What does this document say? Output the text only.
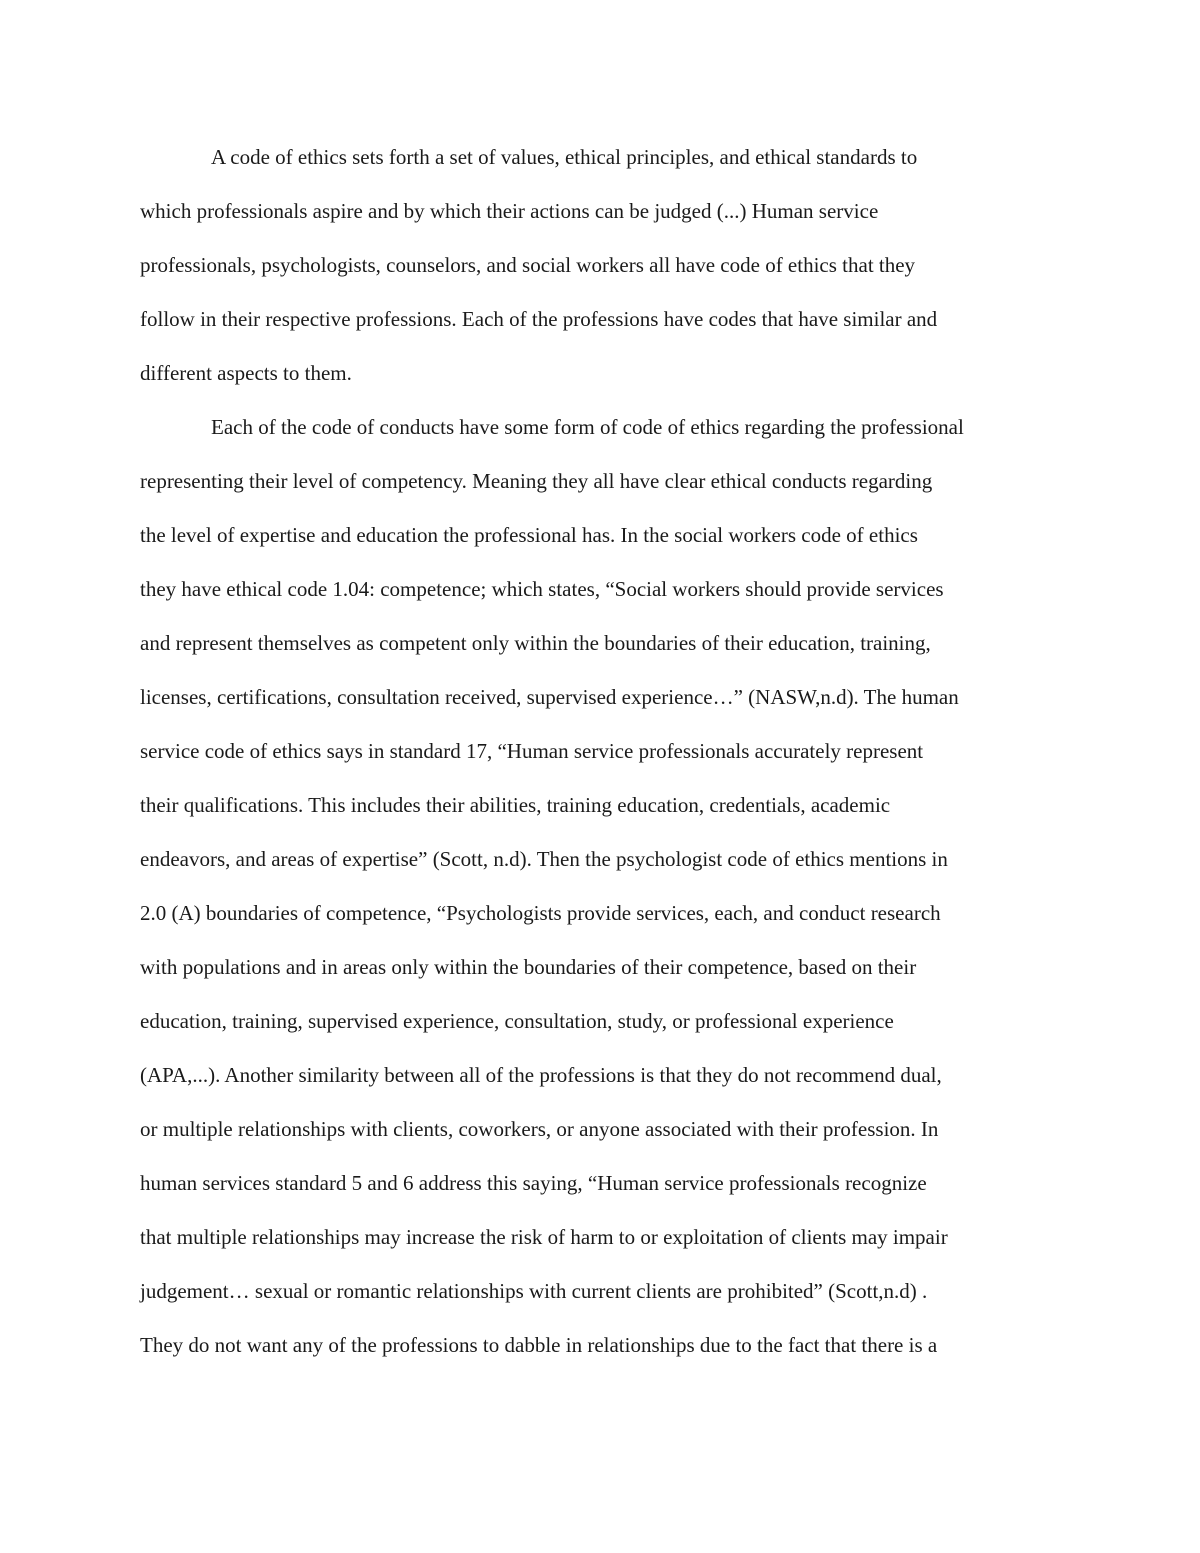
A code of ethics sets forth a set of values, ethical principles, and ethical standards to
which professionals aspire and by which their actions can be judged (...) Human service
professionals, psychologists, counselors, and social workers all have code of ethics that they
follow in their respective professions. Each of the professions have codes that have similar and
different aspects to them.
Each of the code of conducts have some form of code of ethics regarding the professional
representing their level of competency. Meaning they all have clear ethical conducts regarding
the level of expertise and education the professional has. In the social workers code of ethics
they have ethical code 1.04: competence; which states, “Social workers should provide services
and represent themselves as competent only within the boundaries of their education, training,
licenses, certifications, consultation received, supervised experience…” (NASW,n.d). The human
service code of ethics says in standard 17, “Human service professionals accurately represent
their qualifications. This includes their abilities, training education, credentials, academic
endeavors, and areas of expertise” (Scott, n.d). Then the psychologist code of ethics mentions in
2.0 (A) boundaries of competence, “Psychologists provide services, each, and conduct research
with populations and in areas only within the boundaries of their competence, based on their
education, training, supervised experience, consultation, study, or professional experience
(APA,...). Another similarity between all of the professions is that they do not recommend dual,
or multiple relationships with clients, coworkers, or anyone associated with their profession. In
human services standard 5 and 6 address this saying, “Human service professionals recognize
that multiple relationships may increase the risk of harm to or exploitation of clients may impair
judgement… sexual or romantic relationships with current clients are prohibited” (Scott,n.d) .
They do not want any of the professions to dabble in relationships due to the fact that there is a
